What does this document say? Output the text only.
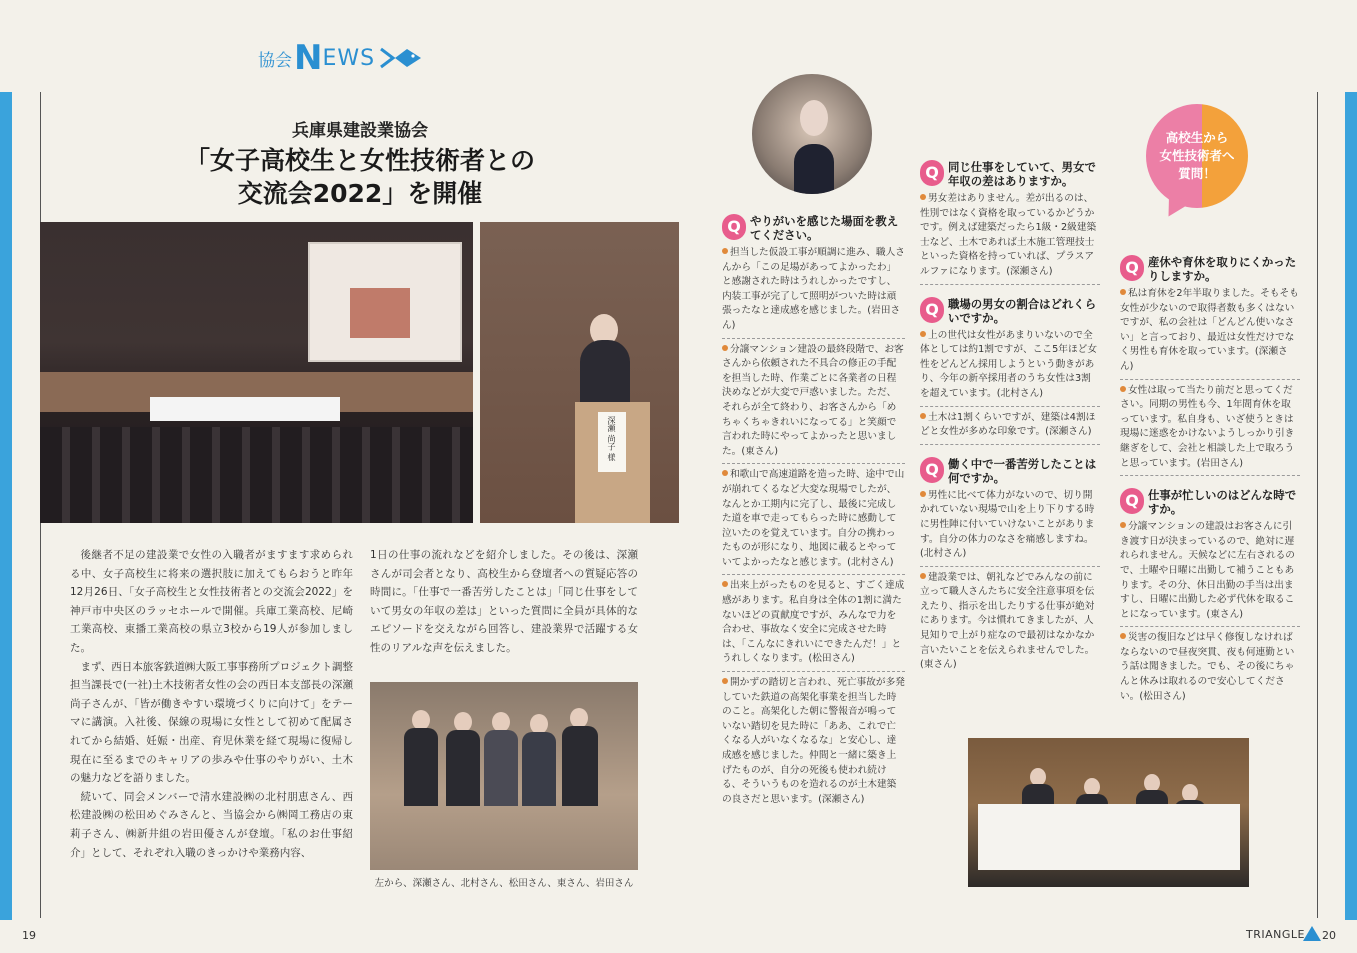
協会 N EWS
兵庫県建設業協会
「女子高校生と女性技術者との
交流会2022」を開催
深瀬 尚子 様

後継者不足の建設業で女性の入職者がますます求められる中、女子高校生に将来の選択肢に加えてもらおうと昨年12月26日、「女子高校生と女性技術者との交流会2022」を神戸市中央区のラッセホールで開催。兵庫工業高校、尼崎工業高校、東播工業高校の県立3校から19人が参加しました。

まず、西日本旅客鉄道㈱大阪工事事務所プロジェクト調整担当課長で(一社)土木技術者女性の会の西日本支部長の深瀬尚子さんが、「皆が働きやすい環境づくりに向けて」をテーマに講演。入社後、保線の現場に女性として初めて配属されてから結婚、妊娠・出産、育児休業を経て現場に復帰し現在に至るまでのキャリアの歩みや仕事のやりがい、土木の魅力などを語りました。

続いて、同会メンバーで清水建設㈱の北村朋恵さん、西松建設㈱の松田めぐみさんと、当協会から㈱岡工務店の東莉子さん、㈱新井組の岩田優さんが登壇。「私のお仕事紹介」として、それぞれ入職のきっかけや業務内容、

1日の仕事の流れなどを紹介しました。その後は、深瀬さんが司会者となり、高校生から登壇者への質疑応答の時間に。「仕事で一番苦労したことは」「同じ仕事をしていて男女の年収の差は」といった質問に全員が具体的なエピソードを交えながら回答し、建設業界で活躍する女性のリアルな声を伝えました。

左から、深瀬さん、北村さん、松田さん、東さん、岩田さん
高校生から
女性技術者へ
質問！
Q やりがいを感じた場面を教えてください。
担当した仮設工事が順調に進み、職人さんから「この足場があってよかったわ」と感謝された時はうれしかったですし、内装工事が完了して照明がついた時は頑張ったなと達成感を感じました。(岩田さん)
分譲マンション建設の最終段階で、お客さんから依頼された不具合の修正の手配を担当した時、作業ごとに各業者の日程決めなどが大変で戸惑いました。ただ、それらが全て終わり、お客さんから「めちゃくちゃきれいになってる」と笑顔で言われた時にやってよかったと思いました。(東さん)
和歌山で高速道路を造った時、途中で山が崩れてくるなど大変な現場でしたが、なんとか工期内に完了し、最後に完成した道を車で走ってもらった時に感動して泣いたのを覚えています。自分の携わったものが形になり、地図に載るとやっていてよかったなと感じます。(北村さん)
出来上がったものを見ると、すごく達成感があります。私自身は全体の1割に満たないほどの貢献度ですが、みんなで力を合わせ、事故なく安全に完成させた時は、「こんなにきれいにできたんだ！」とうれしくなります。(松田さん)
開かずの踏切と言われ、死亡事故が多発していた鉄道の高架化事業を担当した時のこと。高架化した朝に警報音が鳴っていない踏切を見た時に「ああ、これで亡くなる人がいなくなるな」と安心し、達成感を感じました。仲間と一緒に築き上げたものが、自分の死後も使われ続ける、そういうものを造れるのが土木建築の良さだと思います。(深瀬さん)
Q 同じ仕事をしていて、男女で年収の差はありますか。
男女差はありません。差が出るのは、性別ではなく資格を取っているかどうかです。例えば建築だったら1級・2級建築士など、土木であれば土木施工管理技士といった資格を持っていれば、プラスアルファになります。(深瀬さん)
Q 職場の男女の割合はどれくらいですか。
上の世代は女性があまりいないので全体としては約1割ですが、ここ5年ほど女性をどんどん採用しようという動きがあり、今年の新卒採用者のうち女性は3割を超えています。(北村さん)
土木は1割くらいですが、建築は4割ほどと女性が多めな印象です。(深瀬さん)
Q 働く中で一番苦労したことは何ですか。
男性に比べて体力がないので、切り開かれていない現場で山を上り下りする時に男性陣に付いていけないことがあります。自分の体力のなさを痛感しますね。(北村さん)
建設業では、朝礼などでみんなの前に立って職人さんたちに安全注意事項を伝えたり、指示を出したりする仕事が絶対にあります。今は慣れてきましたが、人見知りで上がり症なので最初はなかなか言いたいことを伝えられませんでした。(東さん)
Q 産休や育休を取りにくかったりしますか。
私は育休を2年半取りました。そもそも女性が少ないので取得者数も多くはないですが、私の会社は「どんどん使いなさい」と言っており、最近は女性だけでなく男性も育休を取っています。(深瀬さん)
女性は取って当たり前だと思ってください。同期の男性も今、1年間育休を取っています。私自身も、いざ使うときは現場に迷惑をかけないようしっかり引き継ぎをして、会社と相談した上で取ろうと思っています。(岩田さん)
Q 仕事が忙しいのはどんな時ですか。
分譲マンションの建設はお客さんに引き渡す日が決まっているので、絶対に遅れられません。天候などに左右されるので、土曜や日曜に出勤して補うこともあります。その分、休日出勤の手当は出ますし、日曜に出勤した必ず代休を取ることになっています。(東さん)
災害の復旧などは早く修復しなければならないので昼夜突貫、夜も何連勤という話は聞きました。でも、その後にちゃんと休みは取れるので安心してください。(松田さん)
19	TRIANGLE 20
